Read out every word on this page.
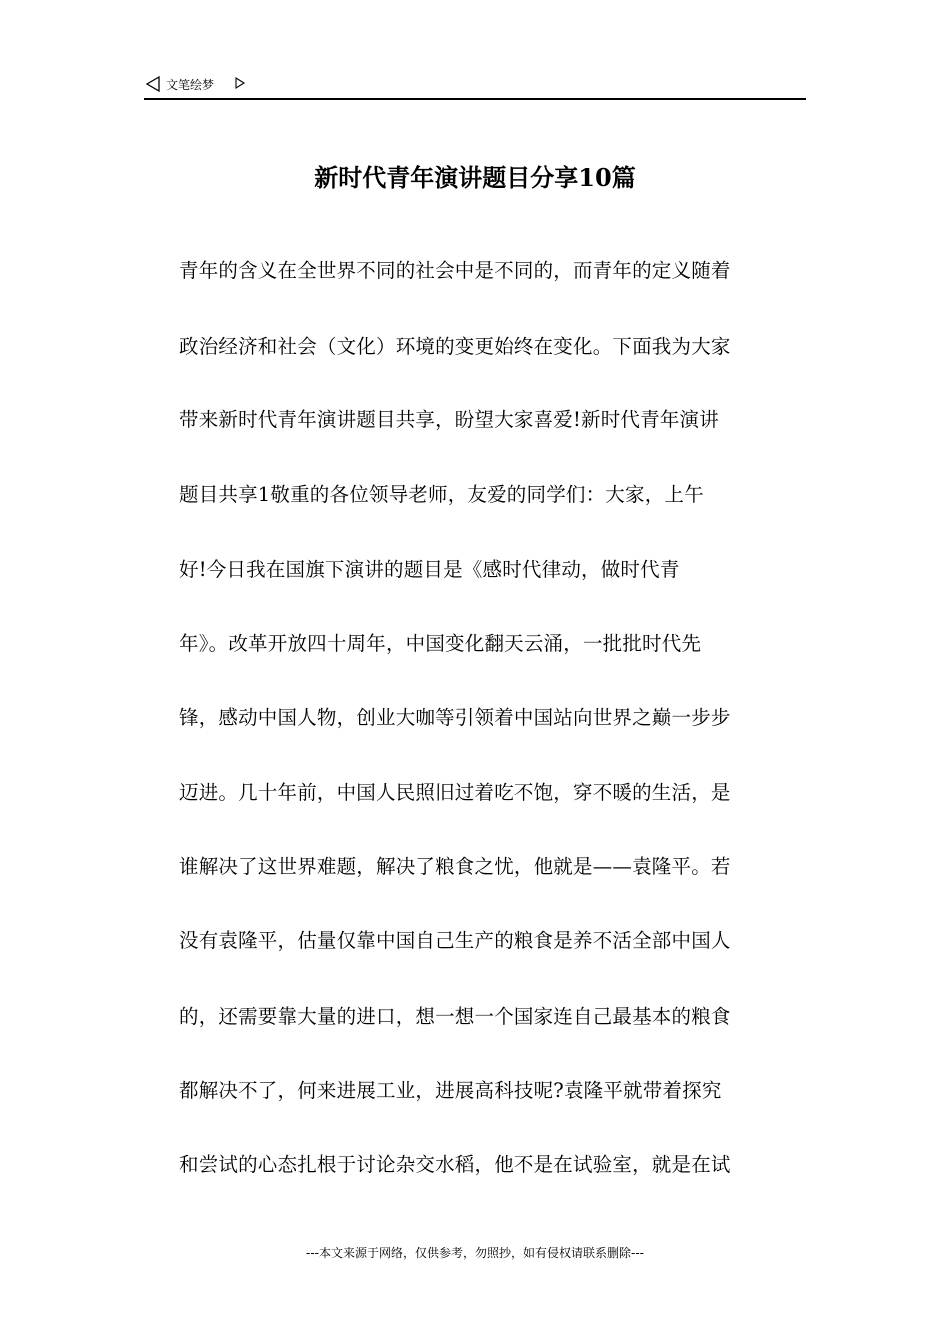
文笔绘梦
新时代青年演讲题目分享10篇
青年的含义在全世界不同的社会中是不同的，而青年的定义随着
政治经济和社会（文化）环境的变更始终在变化。下面我为大家
带来新时代青年演讲题目共享，盼望大家喜爱!新时代青年演讲
题目共享1敬重的各位领导老师，友爱的同学们：大家，上午
好!今日我在国旗下演讲的题目是《感时代律动，做时代青
年》。改革开放四十周年，中国变化翻天云涌，一批批时代先
锋，感动中国人物，创业大咖等引领着中国站向世界之巅一步步
迈进。几十年前，中国人民照旧过着吃不饱，穿不暖的生活，是
谁解决了这世界难题，解决了粮食之忧，他就是——袁隆平。若
没有袁隆平，估量仅靠中国自己生产的粮食是养不活全部中国人
的，还需要靠大量的进口，想一想一个国家连自己最基本的粮食
都解决不了，何来进展工业，进展高科技呢?袁隆平就带着探究
和尝试的心态扎根于讨论杂交水稻，他不是在试验室，就是在试
---本文来源于网络，仅供参考，勿照抄，如有侵权请联系删除---
